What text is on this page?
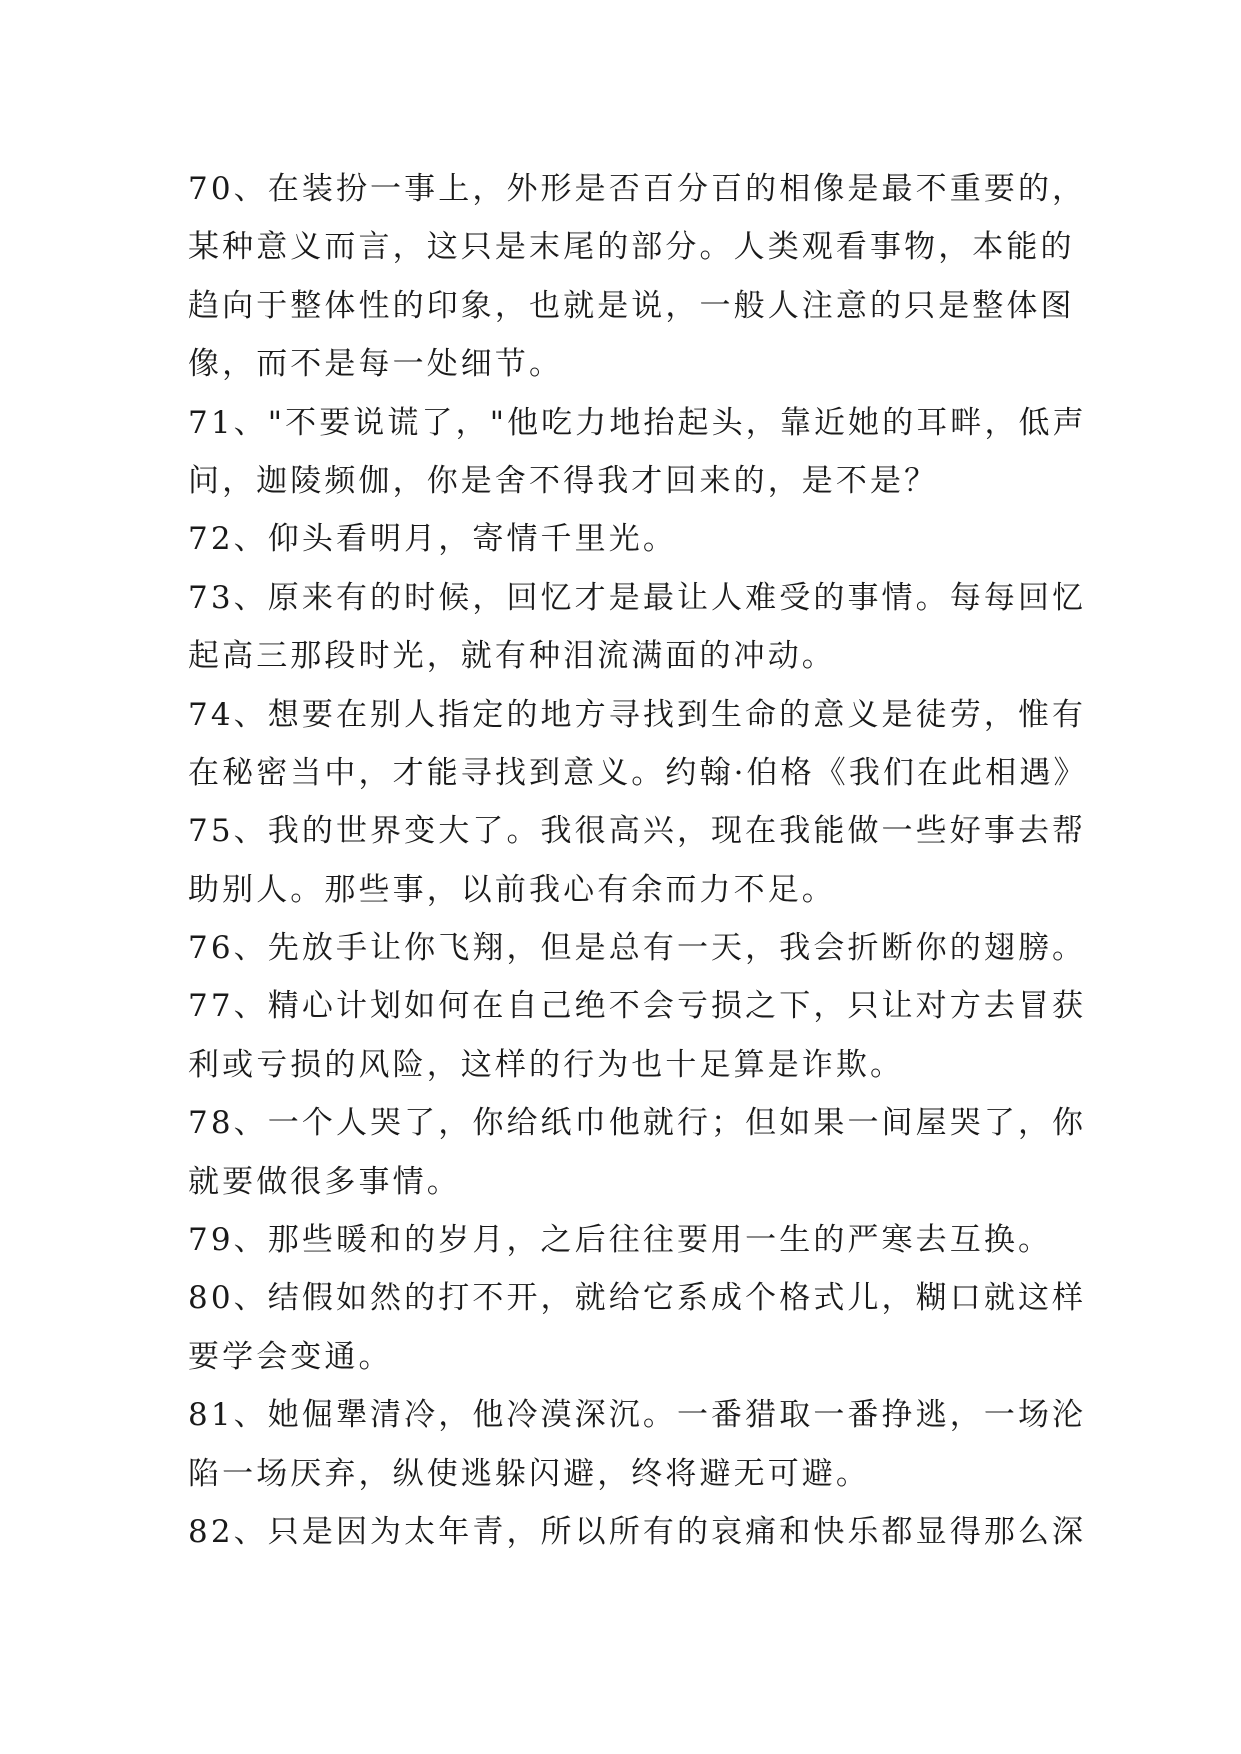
70、在装扮一事上，外形是否百分百的相像是最不重要的，
某种意义而言，这只是末尾的部分。人类观看事物，本能的
趋向于整体性的印象，也就是说，一般人注意的只是整体图
像，而不是每一处细节。
71、"不要说谎了，"他吃力地抬起头，靠近她的耳畔，低声
问，迦陵频伽，你是舍不得我才回来的，是不是？
72、仰头看明月，寄情千里光。
73、原来有的时候，回忆才是最让人难受的事情。每每回忆
起高三那段时光，就有种泪流满面的冲动。
74、想要在别人指定的地方寻找到生命的意义是徒劳，惟有
在秘密当中，才能寻找到意义。约翰·伯格《我们在此相遇》
75、我的世界变大了。我很高兴，现在我能做一些好事去帮
助别人。那些事，以前我心有余而力不足。
76、先放手让你飞翔，但是总有一天，我会折断你的翅膀。
77、精心计划如何在自己绝不会亏损之下，只让对方去冒获
利或亏损的风险，这样的行为也十足算是诈欺。
78、一个人哭了，你给纸巾他就行；但如果一间屋哭了，你
就要做很多事情。
79、那些暖和的岁月，之后往往要用一生的严寒去互换。
80、结假如然的打不开，就给它系成个格式儿，糊口就这样
要学会变通。
81、她倔犟清冷，他冷漠深沉。一番猎取一番挣逃，一场沦
陷一场厌弃，纵使逃躲闪避，终将避无可避。
82、只是因为太年青，所以所有的哀痛和快乐都显得那么深
